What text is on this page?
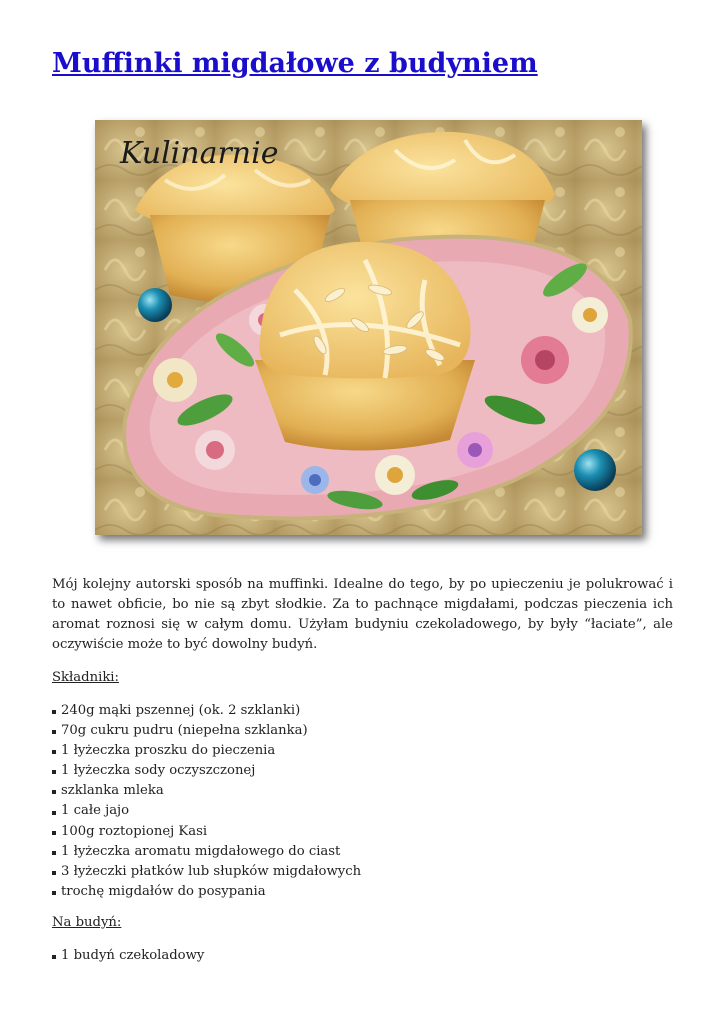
Muffinki migdałowe z budyniem
Kulinarnie

Mój kolejny autorski sposób na muffinki. Idealne do tego, by po upieczeniu je polukrować i to nawet obficie, bo nie są zbyt słodkie. Za to pachnące migdałami, podczas pieczenia ich aromat roznosi się w całym domu. Użyłam budyniu czekoladowego, by były “łaciate”, ale oczywiście może to być dowolny budyń.

Składniki:

240g mąki pszennej (ok. 2 szklanki)
70g cukru pudru (niepełna szklanka)
1 łyżeczka proszku do pieczenia
1 łyżeczka sody oczyszczonej
szklanka mleka
1 całe jajo
100g roztopionej Kasi
1 łyżeczka aromatu migdałowego do ciast
3 łyżeczki płatków lub słupków migdałowych
trochę migdałów do posypania

Na budyń:

1 budyń czekoladowy
